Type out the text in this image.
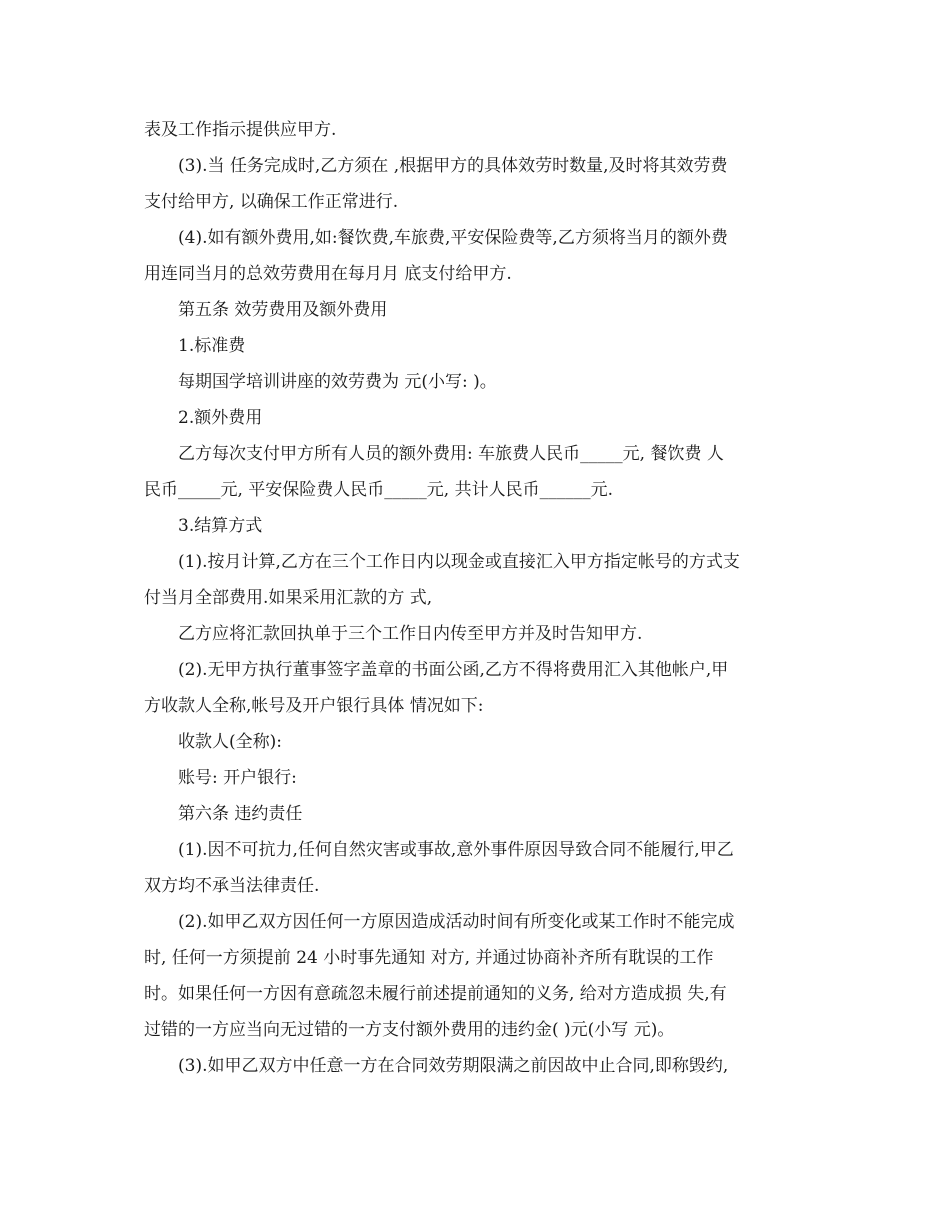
表及工作指示提供应甲方.
(3).当 任务完成时,乙方须在 ,根据甲方的具体效劳时数量,及时将其效劳费
支付给甲方, 以确保工作正常进行.
(4).如有额外费用,如:餐饮费,车旅费,平安保险费等,乙方须将当月的额外费
用连同当月的总效劳费用在每月月 底支付给甲方.
第五条 效劳费用及额外费用
1.标准费
每期国学培训讲座的效劳费为 元(小写: )。
2.额外费用
乙方每次支付甲方所有人员的额外费用: 车旅费人民币_____元, 餐饮费 人
民币_____元, 平安保险费人民币_____元, 共计人民币______元.
3.结算方式
(1).按月计算,乙方在三个工作日内以现金或直接汇入甲方指定帐号的方式支
付当月全部费用.如果采用汇款的方 式,
乙方应将汇款回执单于三个工作日内传至甲方并及时告知甲方.
(2).无甲方执行董事签字盖章的书面公函,乙方不得将费用汇入其他帐户,甲
方收款人全称,帐号及开户银行具体 情况如下:
收款人(全称):
账号: 开户银行:
第六条 违约责任
(1).因不可抗力,任何自然灾害或事故,意外事件原因导致合同不能履行,甲乙
双方均不承当法律责任.
(2).如甲乙双方因任何一方原因造成活动时间有所变化或某工作时不能完成
时, 任何一方须提前 24 小时事先通知 对方, 并通过协商补齐所有耽误的工作
时。如果任何一方因有意疏忽未履行前述提前通知的义务, 给对方造成损 失,有
过错的一方应当向无过错的一方支付额外费用的违约金( )元(小写 元)。
(3).如甲乙双方中任意一方在合同效劳期限满之前因故中止合同,即称毁约,
